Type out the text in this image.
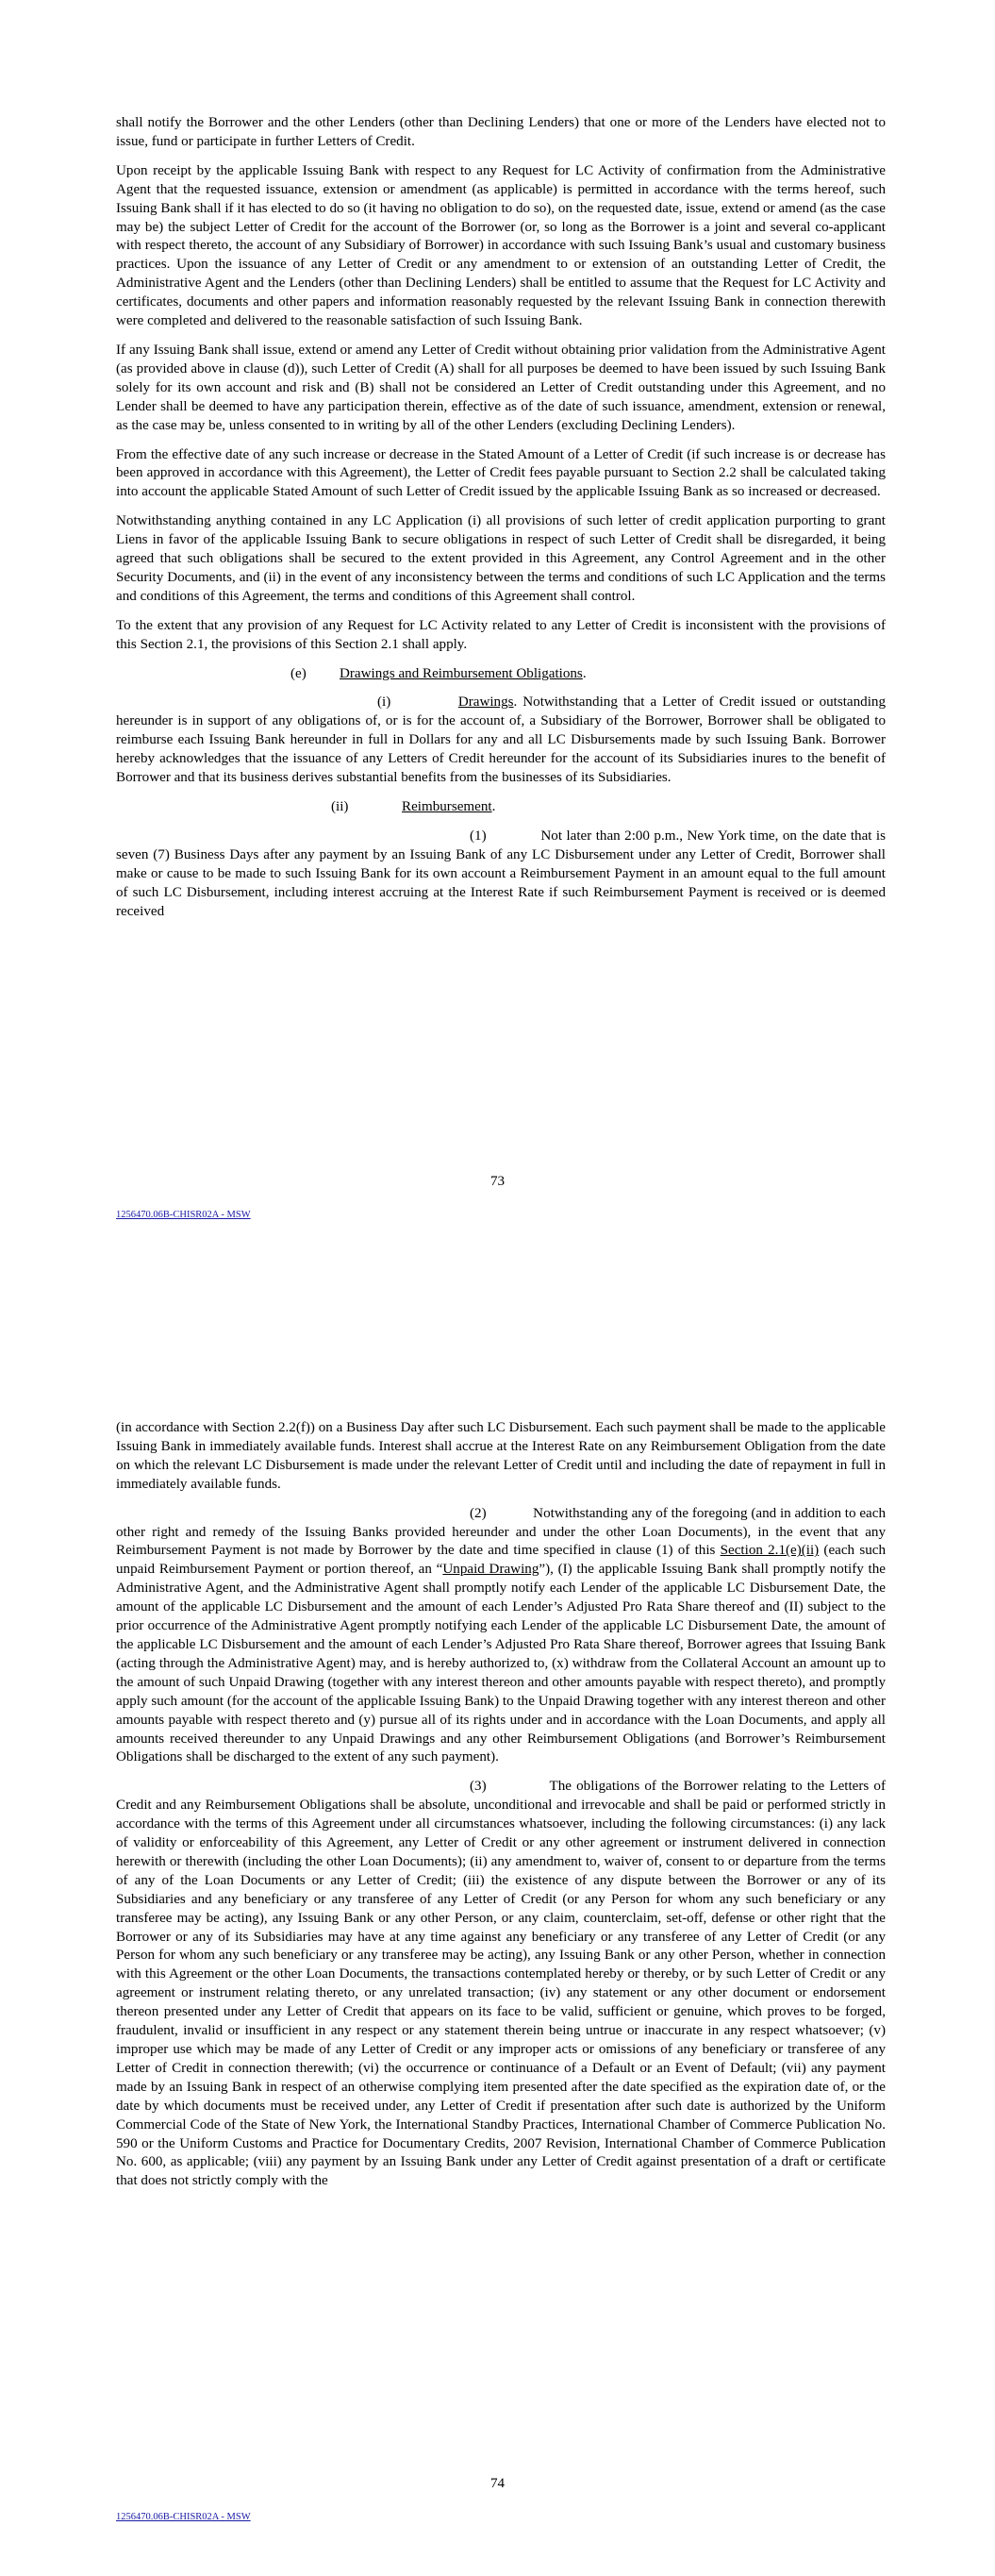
shall notify the Borrower and the other Lenders (other than Declining Lenders) that one or more of the Lenders have elected not to issue, fund or participate in further Letters of Credit.

Upon receipt by the applicable Issuing Bank with respect to any Request for LC Activity of confirmation from the Administrative Agent that the requested issuance, extension or amendment (as applicable) is permitted in accordance with the terms hereof, such Issuing Bank shall if it has elected to do so (it having no obligation to do so), on the requested date, issue, extend or amend (as the case may be) the subject Letter of Credit for the account of the Borrower (or, so long as the Borrower is a joint and several co-applicant with respect thereto, the account of any Subsidiary of Borrower) in accordance with such Issuing Bank’s usual and customary business practices. Upon the issuance of any Letter of Credit or any amendment to or extension of an outstanding Letter of Credit, the Administrative Agent and the Lenders (other than Declining Lenders) shall be entitled to assume that the Request for LC Activity and certificates, documents and other papers and information reasonably requested by the relevant Issuing Bank in connection therewith were completed and delivered to the reasonable satisfaction of such Issuing Bank.

If any Issuing Bank shall issue, extend or amend any Letter of Credit without obtaining prior validation from the Administrative Agent (as provided above in clause (d)), such Letter of Credit (A) shall for all purposes be deemed to have been issued by such Issuing Bank solely for its own account and risk and (B) shall not be considered an Letter of Credit outstanding under this Agreement, and no Lender shall be deemed to have any participation therein, effective as of the date of such issuance, amendment, extension or renewal, as the case may be, unless consented to in writing by all of the other Lenders (excluding Declining Lenders).

From the effective date of any such increase or decrease in the Stated Amount of a Letter of Credit (if such increase is or decrease has been approved in accordance with this Agreement), the Letter of Credit fees payable pursuant to Section 2.2 shall be calculated taking into account the applicable Stated Amount of such Letter of Credit issued by the applicable Issuing Bank as so increased or decreased.

Notwithstanding anything contained in any LC Application (i) all provisions of such letter of credit application purporting to grant Liens in favor of the applicable Issuing Bank to secure obligations in respect of such Letter of Credit shall be disregarded, it being agreed that such obligations shall be secured to the extent provided in this Agreement, any Control Agreement and in the other Security Documents, and (ii) in the event of any inconsistency between the terms and conditions of such LC Application and the terms and conditions of this Agreement, the terms and conditions of this Agreement shall control.

To the extent that any provision of any Request for LC Activity related to any Letter of Credit is inconsistent with the provisions of this Section 2.1, the provisions of this Section 2.1 shall apply.

(e) Drawings and Reimbursement Obligations.

(i)	Drawings. Notwithstanding that a Letter of Credit issued or outstanding hereunder is in support of any obligations of, or is for the account of, a Subsidiary of the Borrower, Borrower shall be obligated to reimburse each Issuing Bank hereunder in full in Dollars for any and all LC Disbursements made by such Issuing Bank. Borrower hereby acknowledges that the issuance of any Letters of Credit hereunder for the account of its Subsidiaries inures to the benefit of Borrower and that its business derives substantial benefits from the businesses of its Subsidiaries.

(ii)	Reimbursement.

(1)	Not later than 2:00 p.m., New York time, on the date that is seven (7) Business Days after any payment by an Issuing Bank of any LC Disbursement under any Letter of Credit, Borrower shall make or cause to be made to such Issuing Bank for its own account a Reimbursement Payment in an amount equal to the full amount of such LC Disbursement, including interest accruing at the Interest Rate if such Reimbursement Payment is received or is deemed received

73
1256470.06B-CHISR02A - MSW

(in accordance with Section 2.2(f)) on a Business Day after such LC Disbursement. Each such payment shall be made to the applicable Issuing Bank in immediately available funds. Interest shall accrue at the Interest Rate on any Reimbursement Obligation from the date on which the relevant LC Disbursement is made under the relevant Letter of Credit until and including the date of repayment in full in immediately available funds.

(2)	Notwithstanding any of the foregoing (and in addition to each other right and remedy of the Issuing Banks provided hereunder and under the other Loan Documents), in the event that any Reimbursement Payment is not made by Borrower by the date and time specified in clause (1) of this Section 2.1(e)(ii) (each such unpaid Reimbursement Payment or portion thereof, an “Unpaid Drawing”), (I) the applicable Issuing Bank shall promptly notify the Administrative Agent, and the Administrative Agent shall promptly notify each Lender of the applicable LC Disbursement Date, the amount of the applicable LC Disbursement and the amount of each Lender’s Adjusted Pro Rata Share thereof and (II) subject to the prior occurrence of the Administrative Agent promptly notifying each Lender of the applicable LC Disbursement Date, the amount of the applicable LC Disbursement and the amount of each Lender’s Adjusted Pro Rata Share thereof, Borrower agrees that Issuing Bank (acting through the Administrative Agent) may, and is hereby authorized to, (x) withdraw from the Collateral Account an amount up to the amount of such Unpaid Drawing (together with any interest thereon and other amounts payable with respect thereto), and promptly apply such amount (for the account of the applicable Issuing Bank) to the Unpaid Drawing together with any interest thereon and other amounts payable with respect thereto and (y) pursue all of its rights under and in accordance with the Loan Documents, and apply all amounts received thereunder to any Unpaid Drawings and any other Reimbursement Obligations (and Borrower’s Reimbursement Obligations shall be discharged to the extent of any such payment).

(3)	The obligations of the Borrower relating to the Letters of Credit and any Reimbursement Obligations shall be absolute, unconditional and irrevocable and shall be paid or performed strictly in accordance with the terms of this Agreement under all circumstances whatsoever, including the following circumstances: (i) any lack of validity or enforceability of this Agreement, any Letter of Credit or any other agreement or instrument delivered in connection herewith or therewith (including the other Loan Documents); (ii) any amendment to, waiver of, consent to or departure from the terms of any of the Loan Documents or any Letter of Credit; (iii) the existence of any dispute between the Borrower or any of its Subsidiaries and any beneficiary or any transferee of any Letter of Credit (or any Person for whom any such beneficiary or any transferee may be acting), any Issuing Bank or any other Person, or any claim, counterclaim, set-off, defense or other right that the Borrower or any of its Subsidiaries may have at any time against any beneficiary or any transferee of any Letter of Credit (or any Person for whom any such beneficiary or any transferee may be acting), any Issuing Bank or any other Person, whether in connection with this Agreement or the other Loan Documents, the transactions contemplated hereby or thereby, or by such Letter of Credit or any agreement or instrument relating thereto, or any unrelated transaction; (iv) any statement or any other document or endorsement thereon presented under any Letter of Credit that appears on its face to be valid, sufficient or genuine, which proves to be forged, fraudulent, invalid or insufficient in any respect or any statement therein being untrue or inaccurate in any respect whatsoever; (v) improper use which may be made of any Letter of Credit or any improper acts or omissions of any beneficiary or transferee of any Letter of Credit in connection therewith; (vi) the occurrence or continuance of a Default or an Event of Default; (vii) any payment made by an Issuing Bank in respect of an otherwise complying item presented after the date specified as the expiration date of, or the date by which documents must be received under, any Letter of Credit if presentation after such date is authorized by the Uniform Commercial Code of the State of New York, the International Standby Practices, International Chamber of Commerce Publication No. 590 or the Uniform Customs and Practice for Documentary Credits, 2007 Revision, International Chamber of Commerce Publication No. 600, as applicable; (viii) any payment by an Issuing Bank under any Letter of Credit against presentation of a draft or certificate that does not strictly comply with the

74
1256470.06B-CHISR02A - MSW
